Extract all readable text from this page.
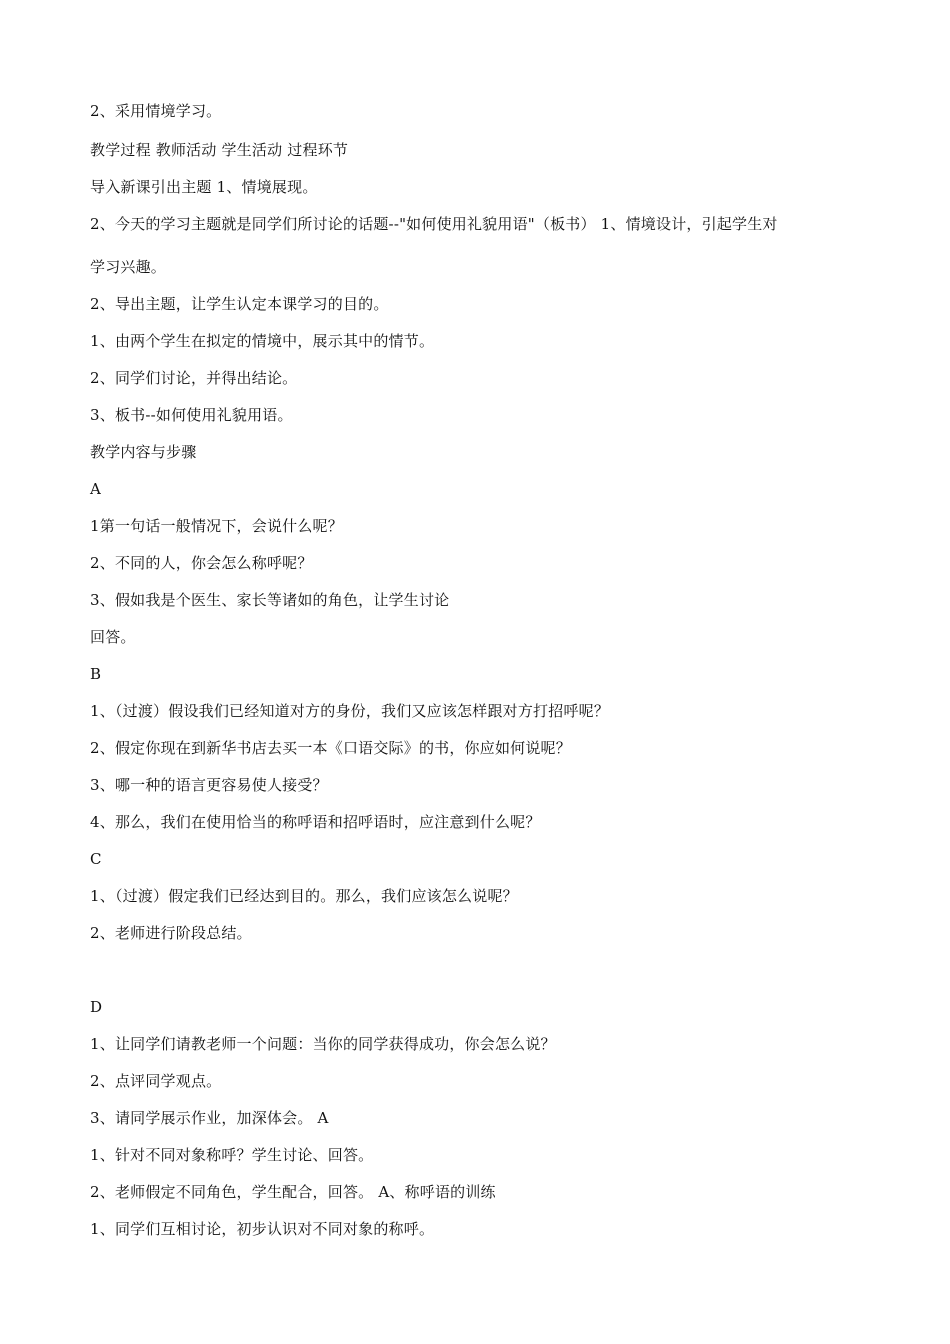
2、采用情境学习。
教学过程 教师活动 学生活动 过程环节
导入新课引出主题 1、情境展现。
2、今天的学习主题就是同学们所讨论的话题--"如何使用礼貌用语"（板书） 1、情境设计，引起学生对
学习兴趣。
2、导出主题，让学生认定本课学习的目的。
1、由两个学生在拟定的情境中，展示其中的情节。
2、同学们讨论，并得出结论。
3、板书--如何使用礼貌用语。
教学内容与步骤
A
1第一句话一般情况下，会说什么呢？
2、不同的人，你会怎么称呼呢？
3、假如我是个医生、家长等诸如的角色，让学生讨论
回答。
B
1、（过渡）假设我们已经知道对方的身份，我们又应该怎样跟对方打招呼呢？
2、假定你现在到新华书店去买一本《口语交际》的书，你应如何说呢？
3、哪一种的语言更容易使人接受？
4、那么，我们在使用恰当的称呼语和招呼语时，应注意到什么呢？
C
1、（过渡）假定我们已经达到目的。那么，我们应该怎么说呢？
2、老师进行阶段总结。
D
1、让同学们请教老师一个问题：当你的同学获得成功，你会怎么说？
2、点评同学观点。
3、请同学展示作业，加深体会。 A
1、针对不同对象称呼？学生讨论、回答。
2、老师假定不同角色，学生配合，回答。 A、称呼语的训练
1、同学们互相讨论，初步认识对不同对象的称呼。
